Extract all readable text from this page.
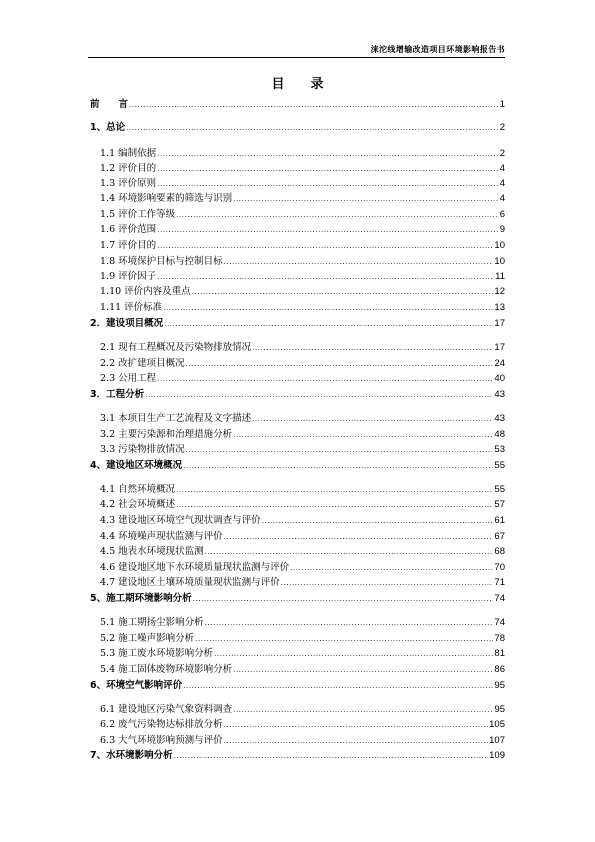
涞沱线增输改造项目环境影响报告书
目　　录
前　　言 .....	1
1、总论 .....	2
1.1 编制依据 .....	2
1.2 评价目的 .....	4
1.3 评价原则 .....	4
1.4 环境影响要素的筛选与识别 .....	4
1.5 评价工作等级 .....	6
1.6 评价范围 .....	9
1.7 评价目的 .....	10
1.8 环境保护目标与控制目标 .....	10
1.9 评价因子 .....	11
1.10 评价内容及重点 .....	12
1.11 评价标准 .....	13
2．建设项目概况 .....	17
2.1 现有工程概况及污染物排放情况 .....	17
2.2 改扩建项目概况 .....	24
2.3 公用工程 .....	40
3．工程分析 .....	43
3.1 本项目生产工艺流程及文字描述 .....	43
3.2 主要污染源和治理措施分析 .....	48
3.3 污染物排放情况 .....	53
4、建设地区环境概况 .....	55
4.1 自然环境概况 .....	55
4.2 社会环境概述 .....	57
4.3 建设地区环境空气现状调查与评价 .....	61
4.4 环境噪声现状监测与评价 .....	67
4.5 地表水环境现状监测 .....	68
4.6 建设地区地下水环境质量现状监测与评价 .....	70
4.7 建设地区土壤环境质量现状监测与评价 .....	71
5、施工期环境影响分析 .....	74
5.1 施工期扬尘影响分析 .....	74
5.2 施工噪声影响分析 .....	78
5.3 施工废水环境影响分析 .....	81
5.4 施工固体废物环境影响分析 .....	86
6、环境空气影响评价 .....	95
6.1 建设地区污染气象资料调查 .....	95
6.2 废气污染物达标排放分析 .....	105
6.3 大气环境影响预测与评价 .....	107
7、水环境影响分析 .....	109
